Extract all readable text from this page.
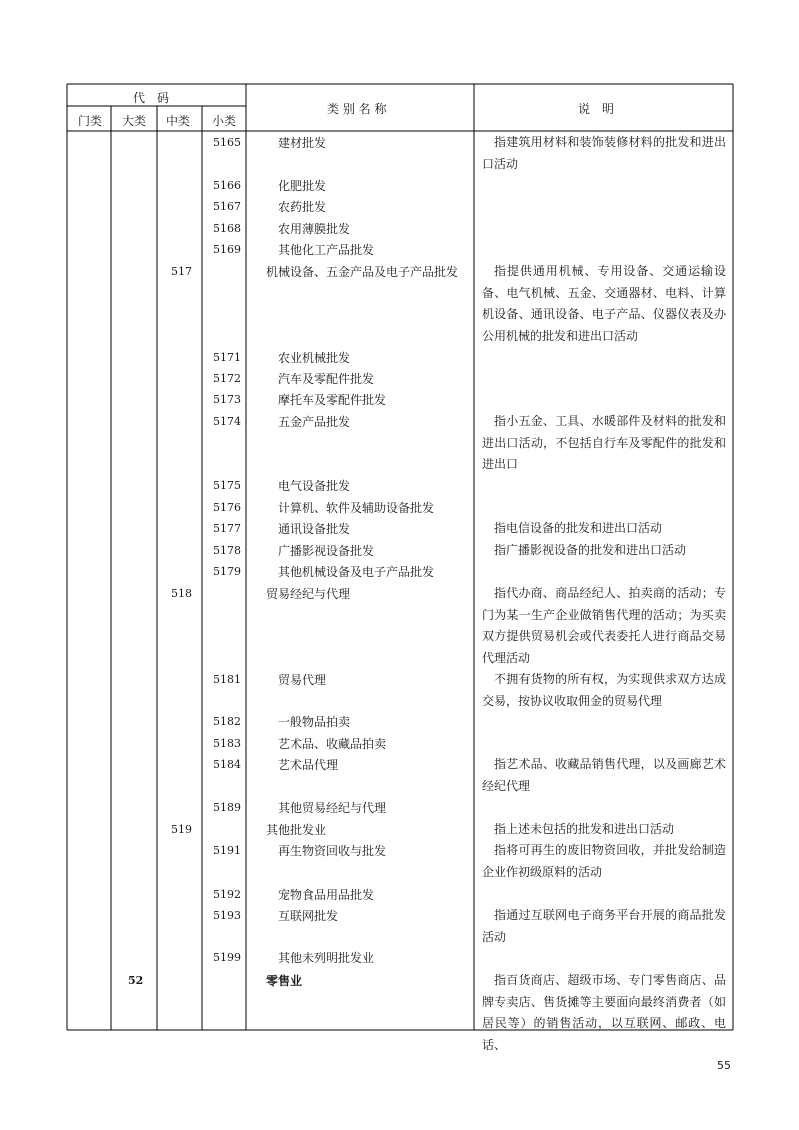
代　码
门类 大类 中类 小类
类 别 名 称	说　明
5165	建材批发	指建筑用材料和装饰装修材料的批发和进出口活动
5166	化肥批发
5167	农药批发
5168	农用薄膜批发
5169	其他化工产品批发
517	机械设备、五金产品及电子产品批发	指提供通用机械、专用设备、交通运输设备、电气机械、五金、交通器材、电料、计算机设备、通讯设备、电子产品、仪器仪表及办公用机械的批发和进出口活动
5171	农业机械批发
5172	汽车及零配件批发
5173	摩托车及零配件批发
5174	五金产品批发	指小五金、工具、水暖部件及材料的批发和进出口活动，不包括自行车及零配件的批发和进出口
5175	电气设备批发
5176	计算机、软件及辅助设备批发
5177	通讯设备批发	指电信设备的批发和进出口活动
5178	广播影视设备批发	指广播影视设备的批发和进出口活动
5179	其他机械设备及电子产品批发
518	贸易经纪与代理	指代办商、商品经纪人、拍卖商的活动；专门为某一生产企业做销售代理的活动；为买卖双方提供贸易机会或代表委托人进行商品交易代理活动
5181	贸易代理	不拥有货物的所有权，为实现供求双方达成交易，按协议收取佣金的贸易代理
5182	一般物品拍卖
5183	艺术品、收藏品拍卖
5184	艺术品代理	指艺术品、收藏品销售代理，以及画廊艺术经纪代理
5189	其他贸易经纪与代理
519	其他批发业	指上述未包括的批发和进出口活动
5191	再生物资回收与批发	指将可再生的废旧物资回收，并批发给制造企业作初级原料的活动
5192	宠物食品用品批发
5193	互联网批发	指通过互联网电子商务平台开展的商品批发活动
5199	其他未列明批发业
52	零售业	指百货商店、超级市场、专门零售商店、品牌专卖店、售货摊等主要面向最终消费者（如居民等）的销售活动，以互联网、邮政、电话、
55
